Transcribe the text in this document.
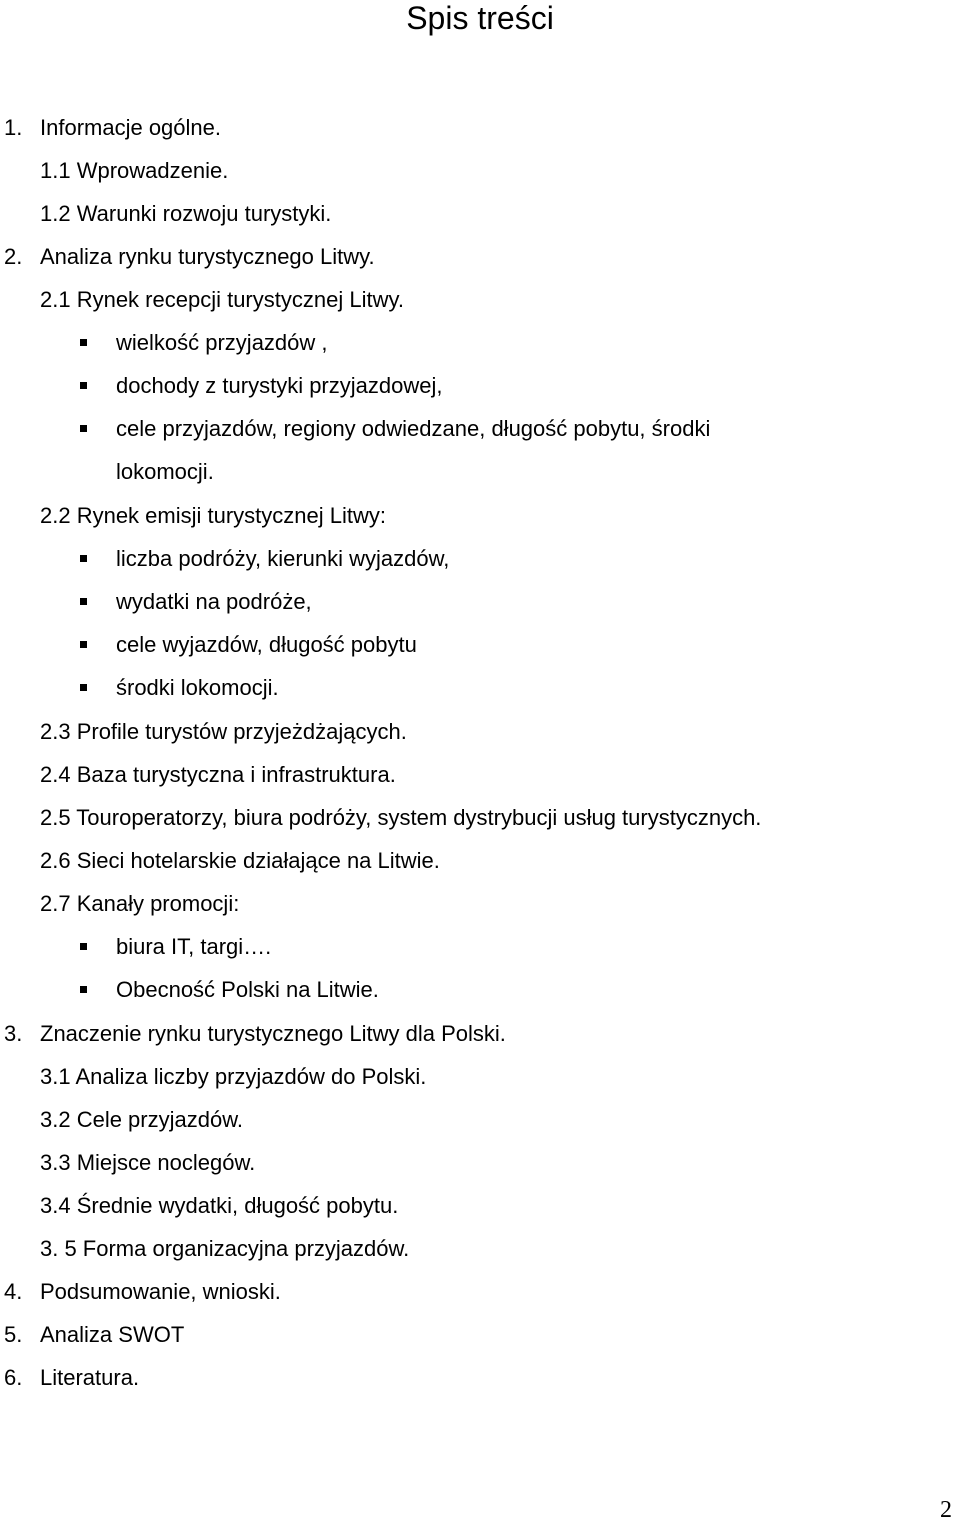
Spis treści
1. Informacje ogólne.
1.1 Wprowadzenie.
1.2 Warunki rozwoju turystyki.
2. Analiza rynku turystycznego Litwy.
2.1 Rynek recepcji turystycznej Litwy.
wielkość przyjazdów ,
dochody z turystyki przyjazdowej,
cele przyjazdów, regiony odwiedzane, długość pobytu, środki
lokomocji.
2.2 Rynek emisji turystycznej Litwy:
liczba podróży, kierunki wyjazdów,
wydatki na podróże,
cele wyjazdów, długość pobytu
środki lokomocji.
2.3 Profile turystów przyjeżdżających.
2.4 Baza turystyczna i infrastruktura.
2.5 Touroperatorzy, biura podróży, system dystrybucji usług turystycznych.
2.6 Sieci hotelarskie działające na Litwie.
2.7 Kanały promocji:
biura IT, targi….
Obecność Polski na Litwie.
3. Znaczenie rynku turystycznego Litwy dla Polski.
3.1 Analiza liczby przyjazdów do Polski.
3.2 Cele przyjazdów.
3.3 Miejsce noclegów.
3.4 Średnie wydatki, długość pobytu.
3. 5 Forma organizacyjna przyjazdów.
4. Podsumowanie, wnioski.
5. Analiza SWOT
6. Literatura.
2
